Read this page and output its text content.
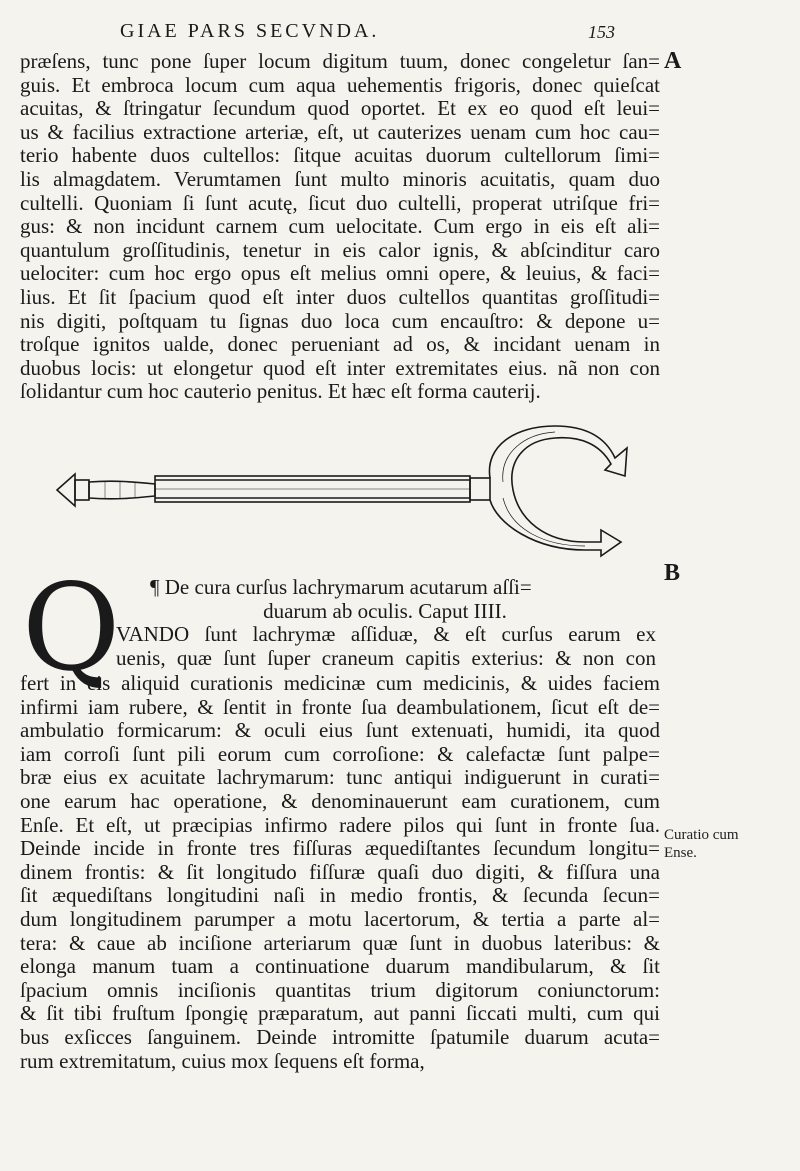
GIAE PARS SECVNDA.	153
A
B
Curatio cum
Ense.
præſens, tunc pone ſuper locum digitum tuum, donec congeletur ſan=
guis. Et embroca locum cum aqua uehementis frigoris, donec quieſcat
acuitas, & ſtringatur ſecundum quod oportet. Et ex eo quod eſt leui=
us & facilius extractione arteriæ, eſt, ut cauterizes uenam cum hoc cau=
terio habente duos cultellos: ſitque acuitas duorum cultellorum ſimi=
lis almagdatem. Verumtamen ſunt multo minoris acuitatis, quam duo
cultelli. Quoniam ſi ſunt acutę, ſicut duo cultelli, properat utriſque fri=
gus: & non incidunt carnem cum uelocitate. Cum ergo in eis eſt ali=
quantulum groſſitudinis, tenetur in eis calor ignis, & abſcinditur caro
uelociter: cum hoc ergo opus eſt melius omni opere, & leuius, & faci=
lius. Et ſit ſpacium quod eſt inter duos cultellos quantitas groſſitudi=
nis digiti, poſtquam tu ſignas duo loca cum encauſtro: & depone u=
troſque ignitos ualde, donec perueniant ad os, & incidant uenam in
duobus locis: ut elongetur quod eſt inter extremitates eius. nã non con
ſolidantur cum hoc cauterio penitus. Et hæc eſt forma cauterij.
Q ¶ De cura curſus lachrymarum acutarum aſſi=
duarum ab oculis. Caput IIII.
VANDO ſunt lachrymæ aſſiduæ, & eſt curſus earum ex
uenis, quæ ſunt ſuper craneum capitis exterius: & non con
fert in eis aliquid curationis medicinæ cum medicinis, & uides faciem
infirmi iam rubere, & ſentit in fronte ſua deambulationem, ſicut eſt de=
ambulatio formicarum: & oculi eius ſunt extenuati, humidi, ita quod
iam corroſi ſunt pili eorum cum corroſione: & calefactæ ſunt palpe=
bræ eius ex acuitate lachrymarum: tunc antiqui indiguerunt in curati=
one earum hac operatione, & denominauerunt eam curationem, cum
Enſe. Et eſt, ut præcipias infirmo radere pilos qui ſunt in fronte ſua.
Deinde incide in fronte tres fiſſuras æquediſtantes ſecundum longitu=
dinem frontis: & ſit longitudo fiſſuræ quaſi duo digiti, & fiſſura una
ſit æquediſtans longitudini naſi in medio frontis, & ſecunda ſecun=
dum longitudinem parumper a motu lacertorum, & tertia a parte al=
tera: & caue ab inciſione arteriarum quæ ſunt in duobus lateribus: &
elonga manum tuam a continuatione duarum mandibularum, & ſit
ſpacium omnis inciſionis quantitas trium digitorum coniunctorum:
& ſit tibi fruſtum ſpongię præparatum, aut panni ſiccati multi, cum qui
bus exſicces ſanguinem. Deinde intromitte ſpatumile duarum acuta=
rum extremitatum, cuius mox ſequens eſt forma,
